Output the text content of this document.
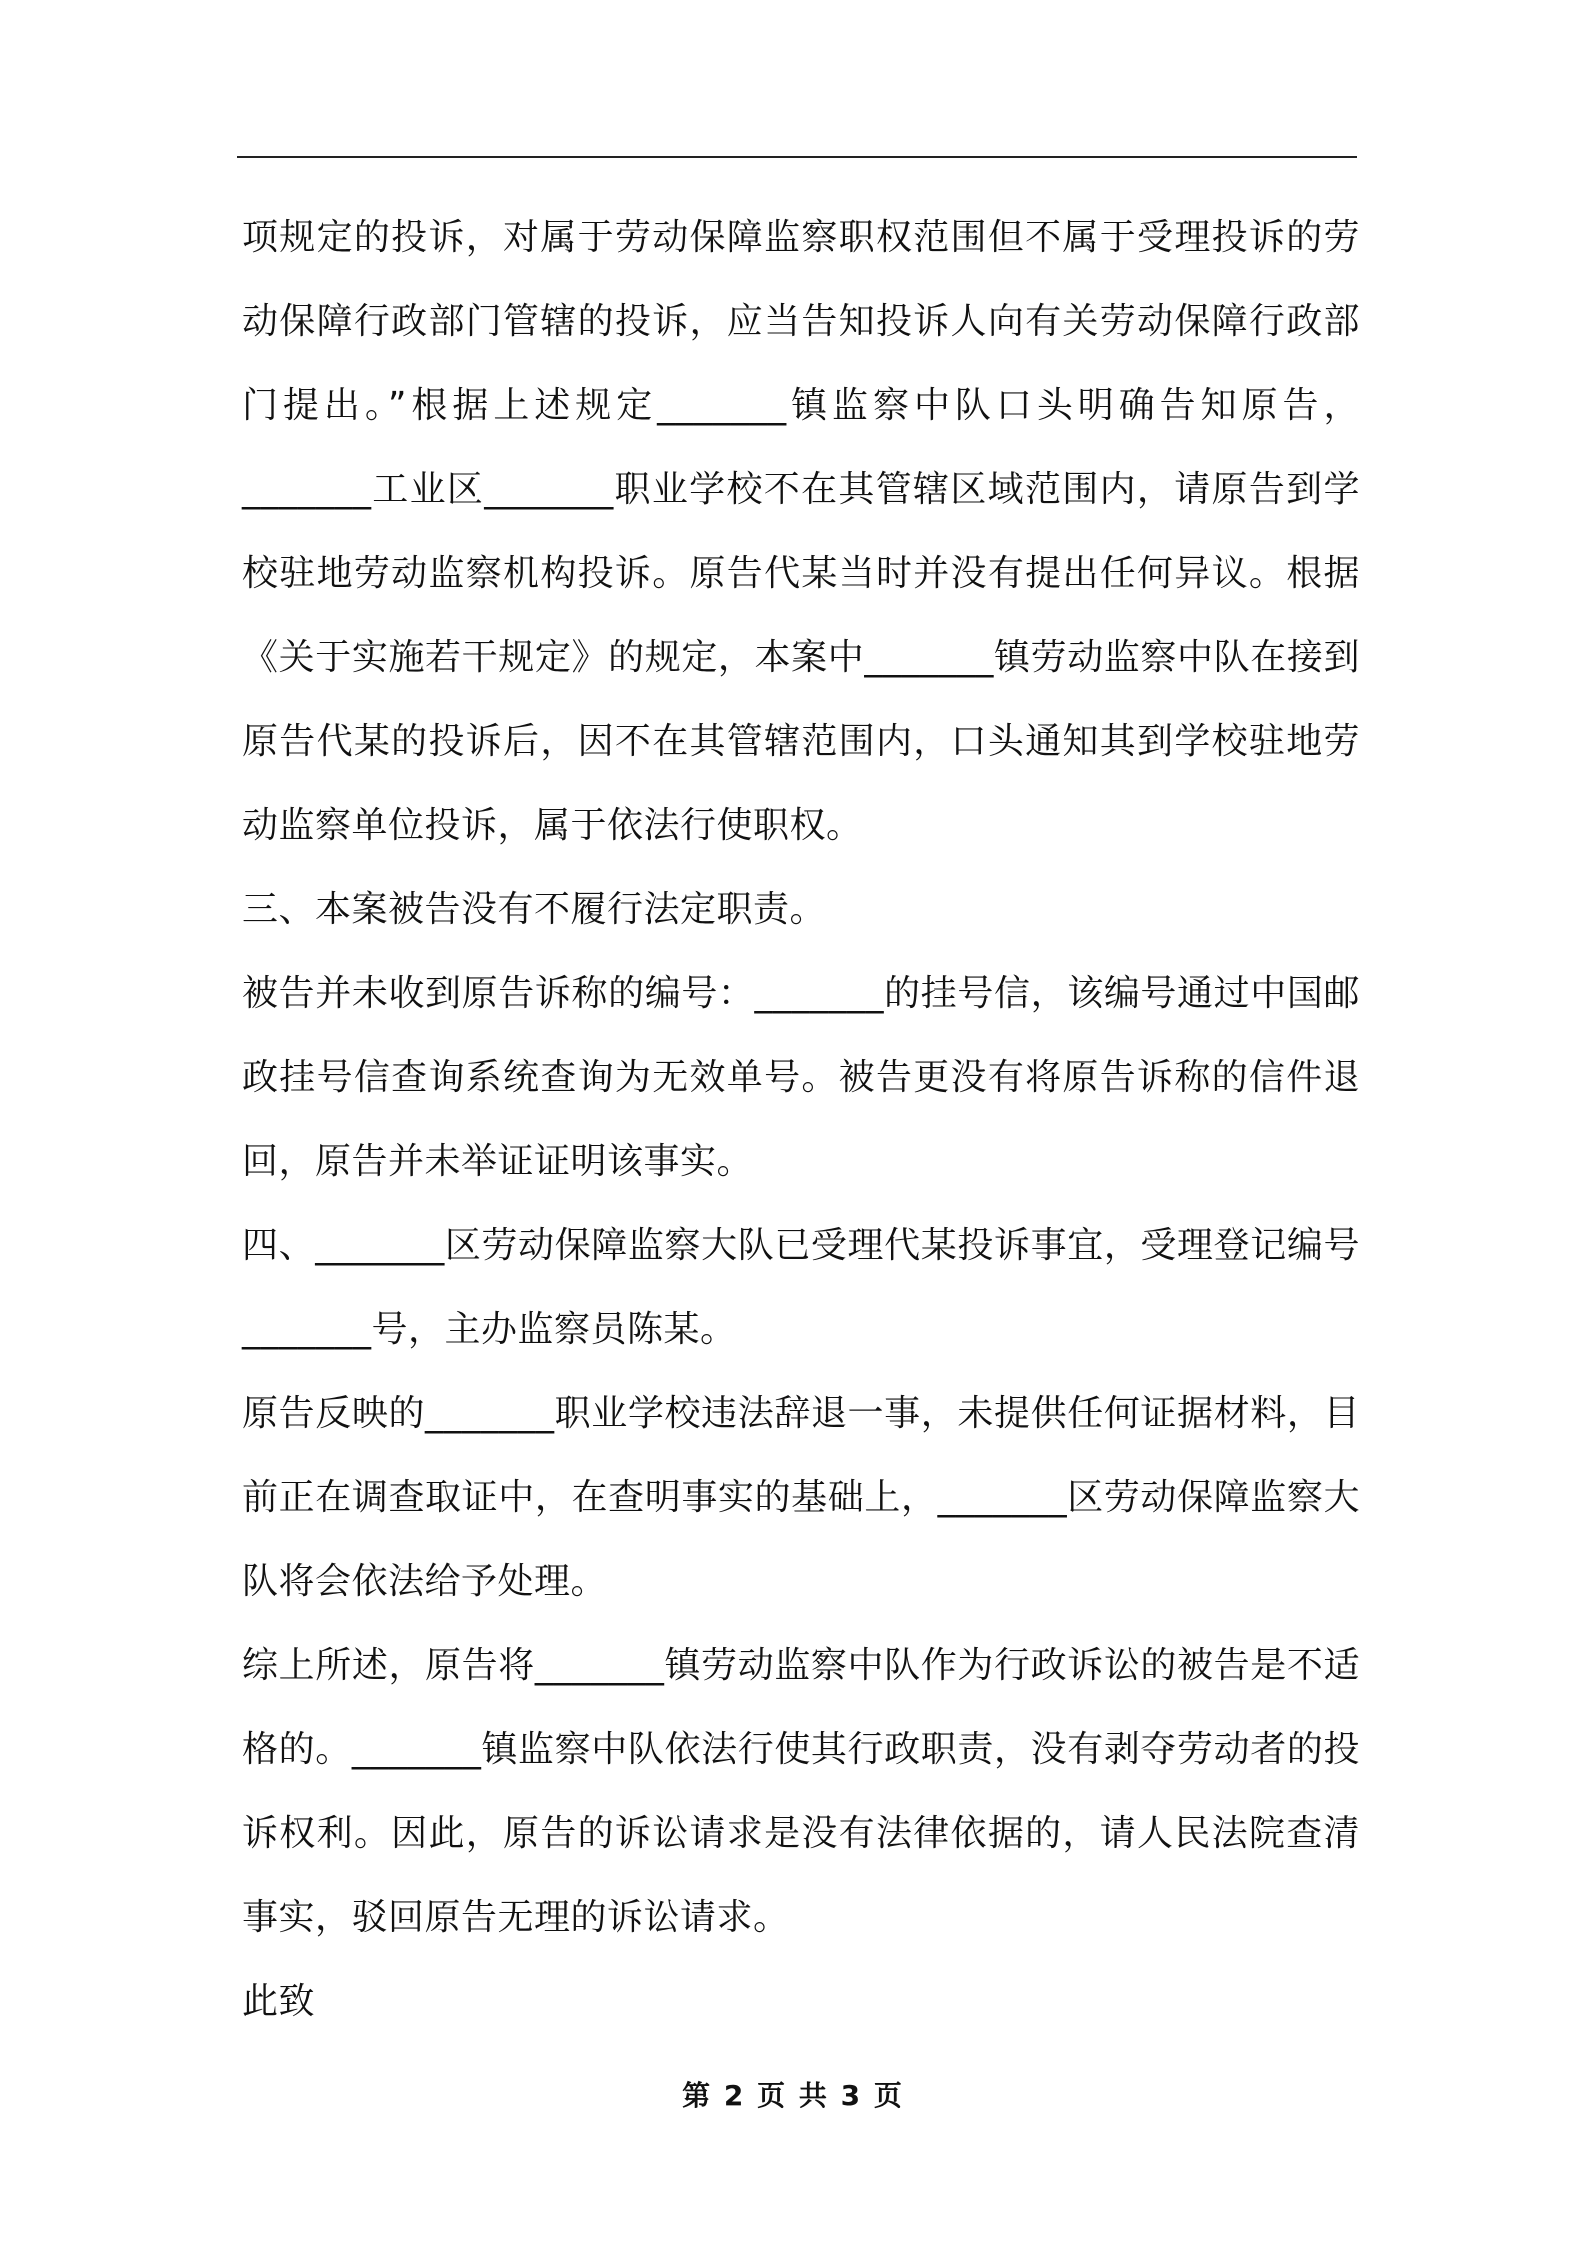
项规定的投诉，对属于劳动保障监察职权范围但不属于受理投诉的劳动保障行政部门管辖的投诉，应当告知投诉人向有关劳动保障行政部门提出。”根据上述规定_______镇监察中队口头明确告知原告，_______工业区_______职业学校不在其管辖区域范围内，请原告到学校驻地劳动监察机构投诉。原告代某当时并没有提出任何异议。根据《关于实施若干规定》的规定，本案中_______镇劳动监察中队在接到原告代某的投诉后，因不在其管辖范围内，口头通知其到学校驻地劳动监察单位投诉，属于依法行使职权。

三、本案被告没有不履行法定职责。

被告并未收到原告诉称的编号：_______的挂号信，该编号通过中国邮政挂号信查询系统查询为无效单号。被告更没有将原告诉称的信件退回，原告并未举证证明该事实。

四、_______区劳动保障监察大队已受理代某投诉事宜，受理登记编号_______号，主办监察员陈某。

原告反映的_______职业学校违法辞退一事，未提供任何证据材料，目前正在调查取证中，在查明事实的基础上，_______区劳动保障监察大队将会依法给予处理。

综上所述，原告将_______镇劳动监察中队作为行政诉讼的被告是不适格的。_______镇监察中队依法行使其行政职责，没有剥夺劳动者的投诉权利。因此，原告的诉讼请求是没有法律依据的，请人民法院查清事实，驳回原告无理的诉讼请求。

此致

第 2 页 共 3 页
